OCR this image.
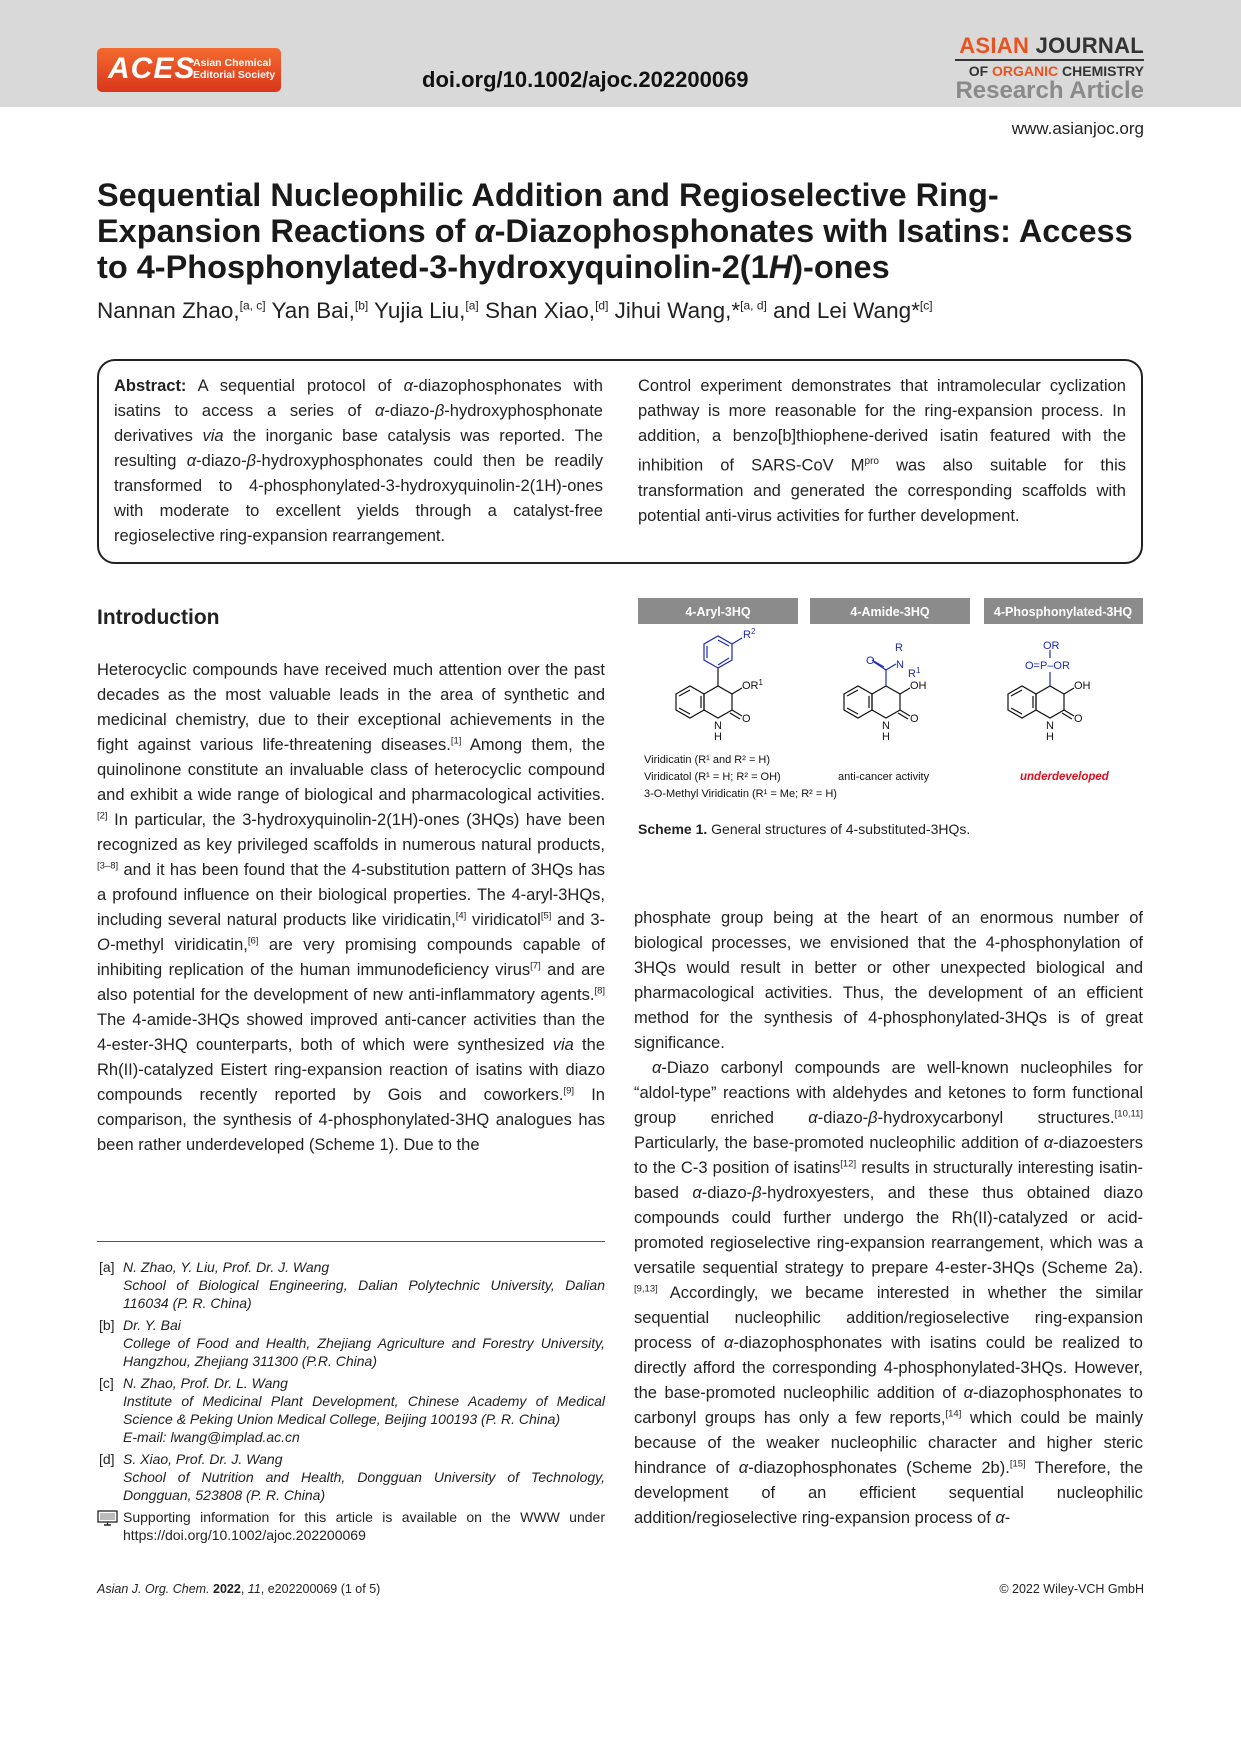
ACES
Asian Chemical
Editorial Society	doi.org/10.1002/ajoc.202200069
ASIAN JOURNAL
OF ORGANIC CHEMISTRY
Research Article
www.asianjoc.org
Sequential Nucleophilic Addition and Regioselective Ring-
Expansion Reactions of α-Diazophosphonates with Isatins: Access
to 4-Phosphonylated-3-hydroxyquinolin-2(1H)-ones
Nannan Zhao,[a, c] Yan Bai,[b] Yujia Liu,[a] Shan Xiao,[d] Jihui Wang,*[a, d] and Lei Wang*[c]
Abstract: A sequential protocol of α-diazophosphonates with isatins to access a series of α-diazo-β-hydroxyphosphonate derivatives via the inorganic base catalysis was reported. The resulting α-diazo-β-hydroxyphosphonates could then be readily transformed to 4-phosphonylated-3-hydroxyquinolin-2(1H)-ones with moderate to excellent yields through a catalyst-free regioselective ring-expansion rearrangement.
Control experiment demonstrates that intramolecular cyclization pathway is more reasonable for the ring-expansion process. In addition, a benzo[b]thiophene-derived isatin featured with the inhibition of SARS-CoV $M^{pro}$ was also suitable for this transformation and generated the corresponding scaffolds with potential anti-virus activities for further development.
Introduction

Heterocyclic compounds have received much attention over the past decades as the most valuable leads in the area of synthetic and medicinal chemistry, due to their exceptional achievements in the fight against various life-threatening diseases.[1] Among them, the quinolinone constitute an invaluable class of heterocyclic compound and exhibit a wide range of biological and pharmacological activities.[2] In particular, the 3-hydroxyquinolin-2(1H)-ones (3HQs) have been recognized as key privileged scaffolds in numerous natural products,[3–8] and it has been found that the 4-substitution pattern of 3HQs has a profound influence on their biological properties. The 4-aryl-3HQs, including several natural products like viridicatin,[4] viridicatol[5] and 3-O-methyl viridicatin,[6] are very promising compounds capable of inhibiting replication of the human immunodeficiency virus[7] and are also potential for the development of new anti-inflammatory agents.[8] The 4-amide-3HQs showed improved anti-cancer activities than the 4-ester-3HQ counterparts, both of which were synthesized via the Rh(II)-catalyzed Eistert ring-expansion reaction of isatins with diazo compounds recently reported by Gois and coworkers.[9] In comparison, the synthesis of 4-phosphonylated-3HQ analogues has been rather underdeveloped (Scheme 1). Due to the

[a] N. Zhao, Y. Liu, Prof. Dr. J. Wang
School of Biological Engineering, Dalian Polytechnic University, Dalian 116034 (P. R. China)
[b] Dr. Y. Bai
College of Food and Health, Zhejiang Agriculture and Forestry University, Hangzhou, Zhejiang 311300 (P.R. China)
[c] N. Zhao, Prof. Dr. L. Wang
Institute of Medicinal Plant Development, Chinese Academy of Medical Science & Peking Union Medical College, Beijing 100193 (P. R. China)
E-mail: lwang@implad.ac.cn
[d] S. Xiao, Prof. Dr. J. Wang
School of Nutrition and Health, Dongguan University of Technology, Dongguan, 523808 (P. R. China)
Supporting information for this article is available on the WWW under https://doi.org/10.1002/ajoc.202200069
4-Aryl-3HQ	4-Amide-3HQ	4-Phosphonylated-3HQ
$R^2$
$OR^1$
N
H
O
O N
R
$R^1$
OH
N
H
O
OR
O=P–OR
OH
N
H
O
Viridicatin (R¹ and R² = H)
Viridicatol (R¹ = H; R² = OH)
3-O-Methyl Viridicatin (R¹ = Me; R² = H)
anti-cancer activity	underdeveloped
Scheme 1. General structures of 4-substituted-3HQs.

phosphate group being at the heart of an enormous number of biological processes, we envisioned that the 4-phosphonylation of 3HQs would result in better or other unexpected biological and pharmacological activities. Thus, the development of an efficient method for the synthesis of 4-phosphonylated-3HQs is of great significance.

α-Diazo carbonyl compounds are well-known nucleophiles for “aldol-type” reactions with aldehydes and ketones to form functional group enriched α-diazo-β-hydroxycarbonyl structures.[10,11] Particularly, the base-promoted nucleophilic addition of α-diazoesters to the C-3 position of isatins[12] results in structurally interesting isatin-based α-diazo-β-hydroxyesters, and these thus obtained diazo compounds could further undergo the Rh(II)-catalyzed or acid-promoted regioselective ring-expansion rearrangement, which was a versatile sequential strategy to prepare 4-ester-3HQs (Scheme 2a).[9,13] Accordingly, we became interested in whether the similar sequential nucleophilic addition/regioselective ring-expansion process of α-diazophosphonates with isatins could be realized to directly afford the corresponding 4-phosphonylated-3HQs. However, the base-promoted nucleophilic addition of α-diazophosphonates to carbonyl groups has only a few reports,[14] which could be mainly because of the weaker nucleophilic character and higher steric hindrance of α-diazophosphonates (Scheme 2b).[15] Therefore, the development of an efficient sequential nucleophilic addition/regioselective ring-expansion process of α-

Asian J. Org. Chem. 2022, 11, e202200069 (1 of 5)	© 2022 Wiley-VCH GmbH
